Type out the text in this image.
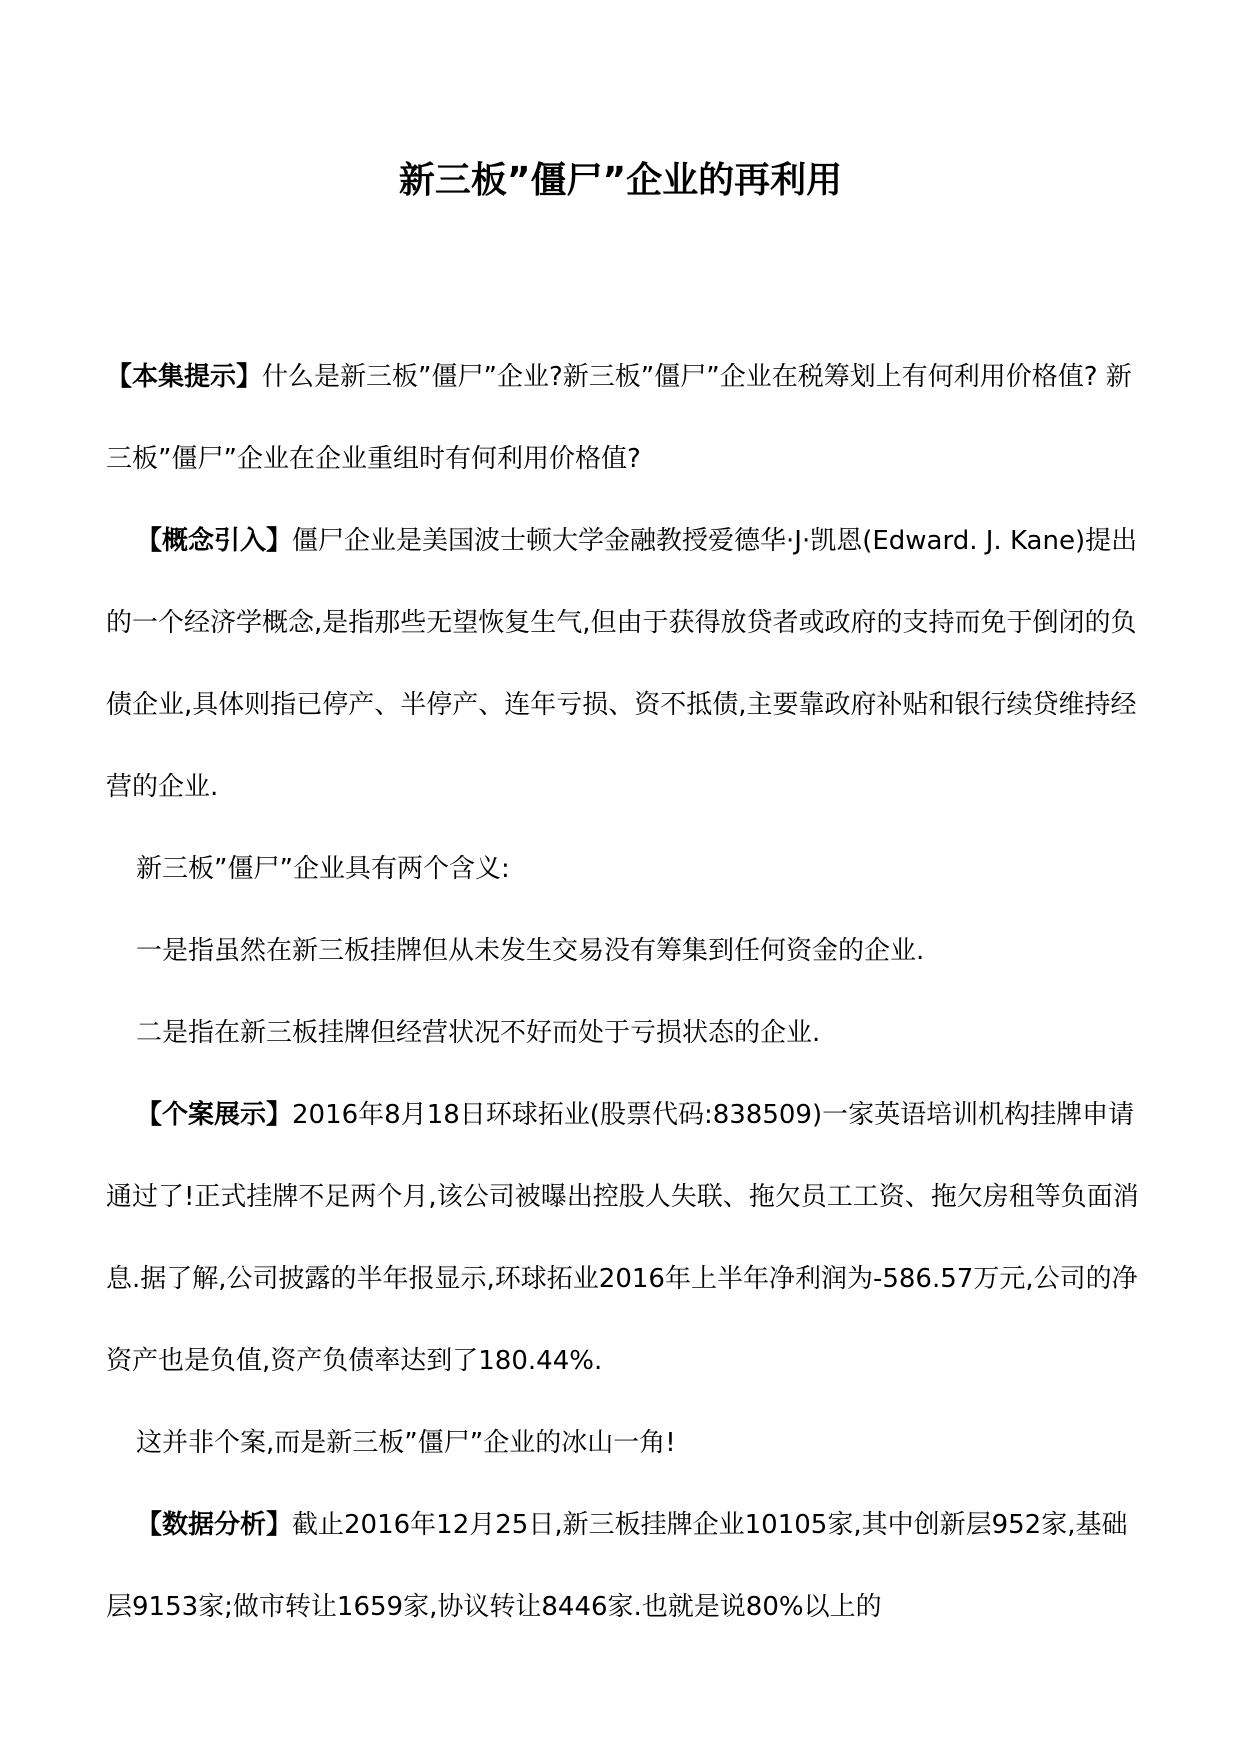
新三板”僵尸”企业的再利用

【本集提示】什么是新三板”僵尸”企业?新三板”僵尸”企业在税筹划上有何利用价格值? 新三板”僵尸”企业在企业重组时有何利用价格值?

【概念引入】僵尸企业是美国波士顿大学金融教授爱德华·J·凯恩(Edward. J. Kane)提出的一个经济学概念,是指那些无望恢复生气,但由于获得放贷者或政府的支持而免于倒闭的负债企业,具体则指已停产、半停产、连年亏损、资不抵债,主要靠政府补贴和银行续贷维持经营的企业.

新三板”僵尸”企业具有两个含义:

一是指虽然在新三板挂牌但从未发生交易没有筹集到任何资金的企业.

二是指在新三板挂牌但经营状况不好而处于亏损状态的企业.

【个案展示】2016年8月18日环球拓业(股票代码:838509)一家英语培训机构挂牌申请通过了!正式挂牌不足两个月,该公司被曝出控股人失联、拖欠员工工资、拖欠房租等负面消息.据了解,公司披露的半年报显示,环球拓业2016年上半年净利润为-586.57万元,公司的净资产也是负值,资产负债率达到了180.44%.

这并非个案,而是新三板”僵尸”企业的冰山一角!

【数据分析】截止2016年12月25日,新三板挂牌企业10105家,其中创新层952家,基础层9153家;做市转让1659家,协议转让8446家.也就是说80%以上的
